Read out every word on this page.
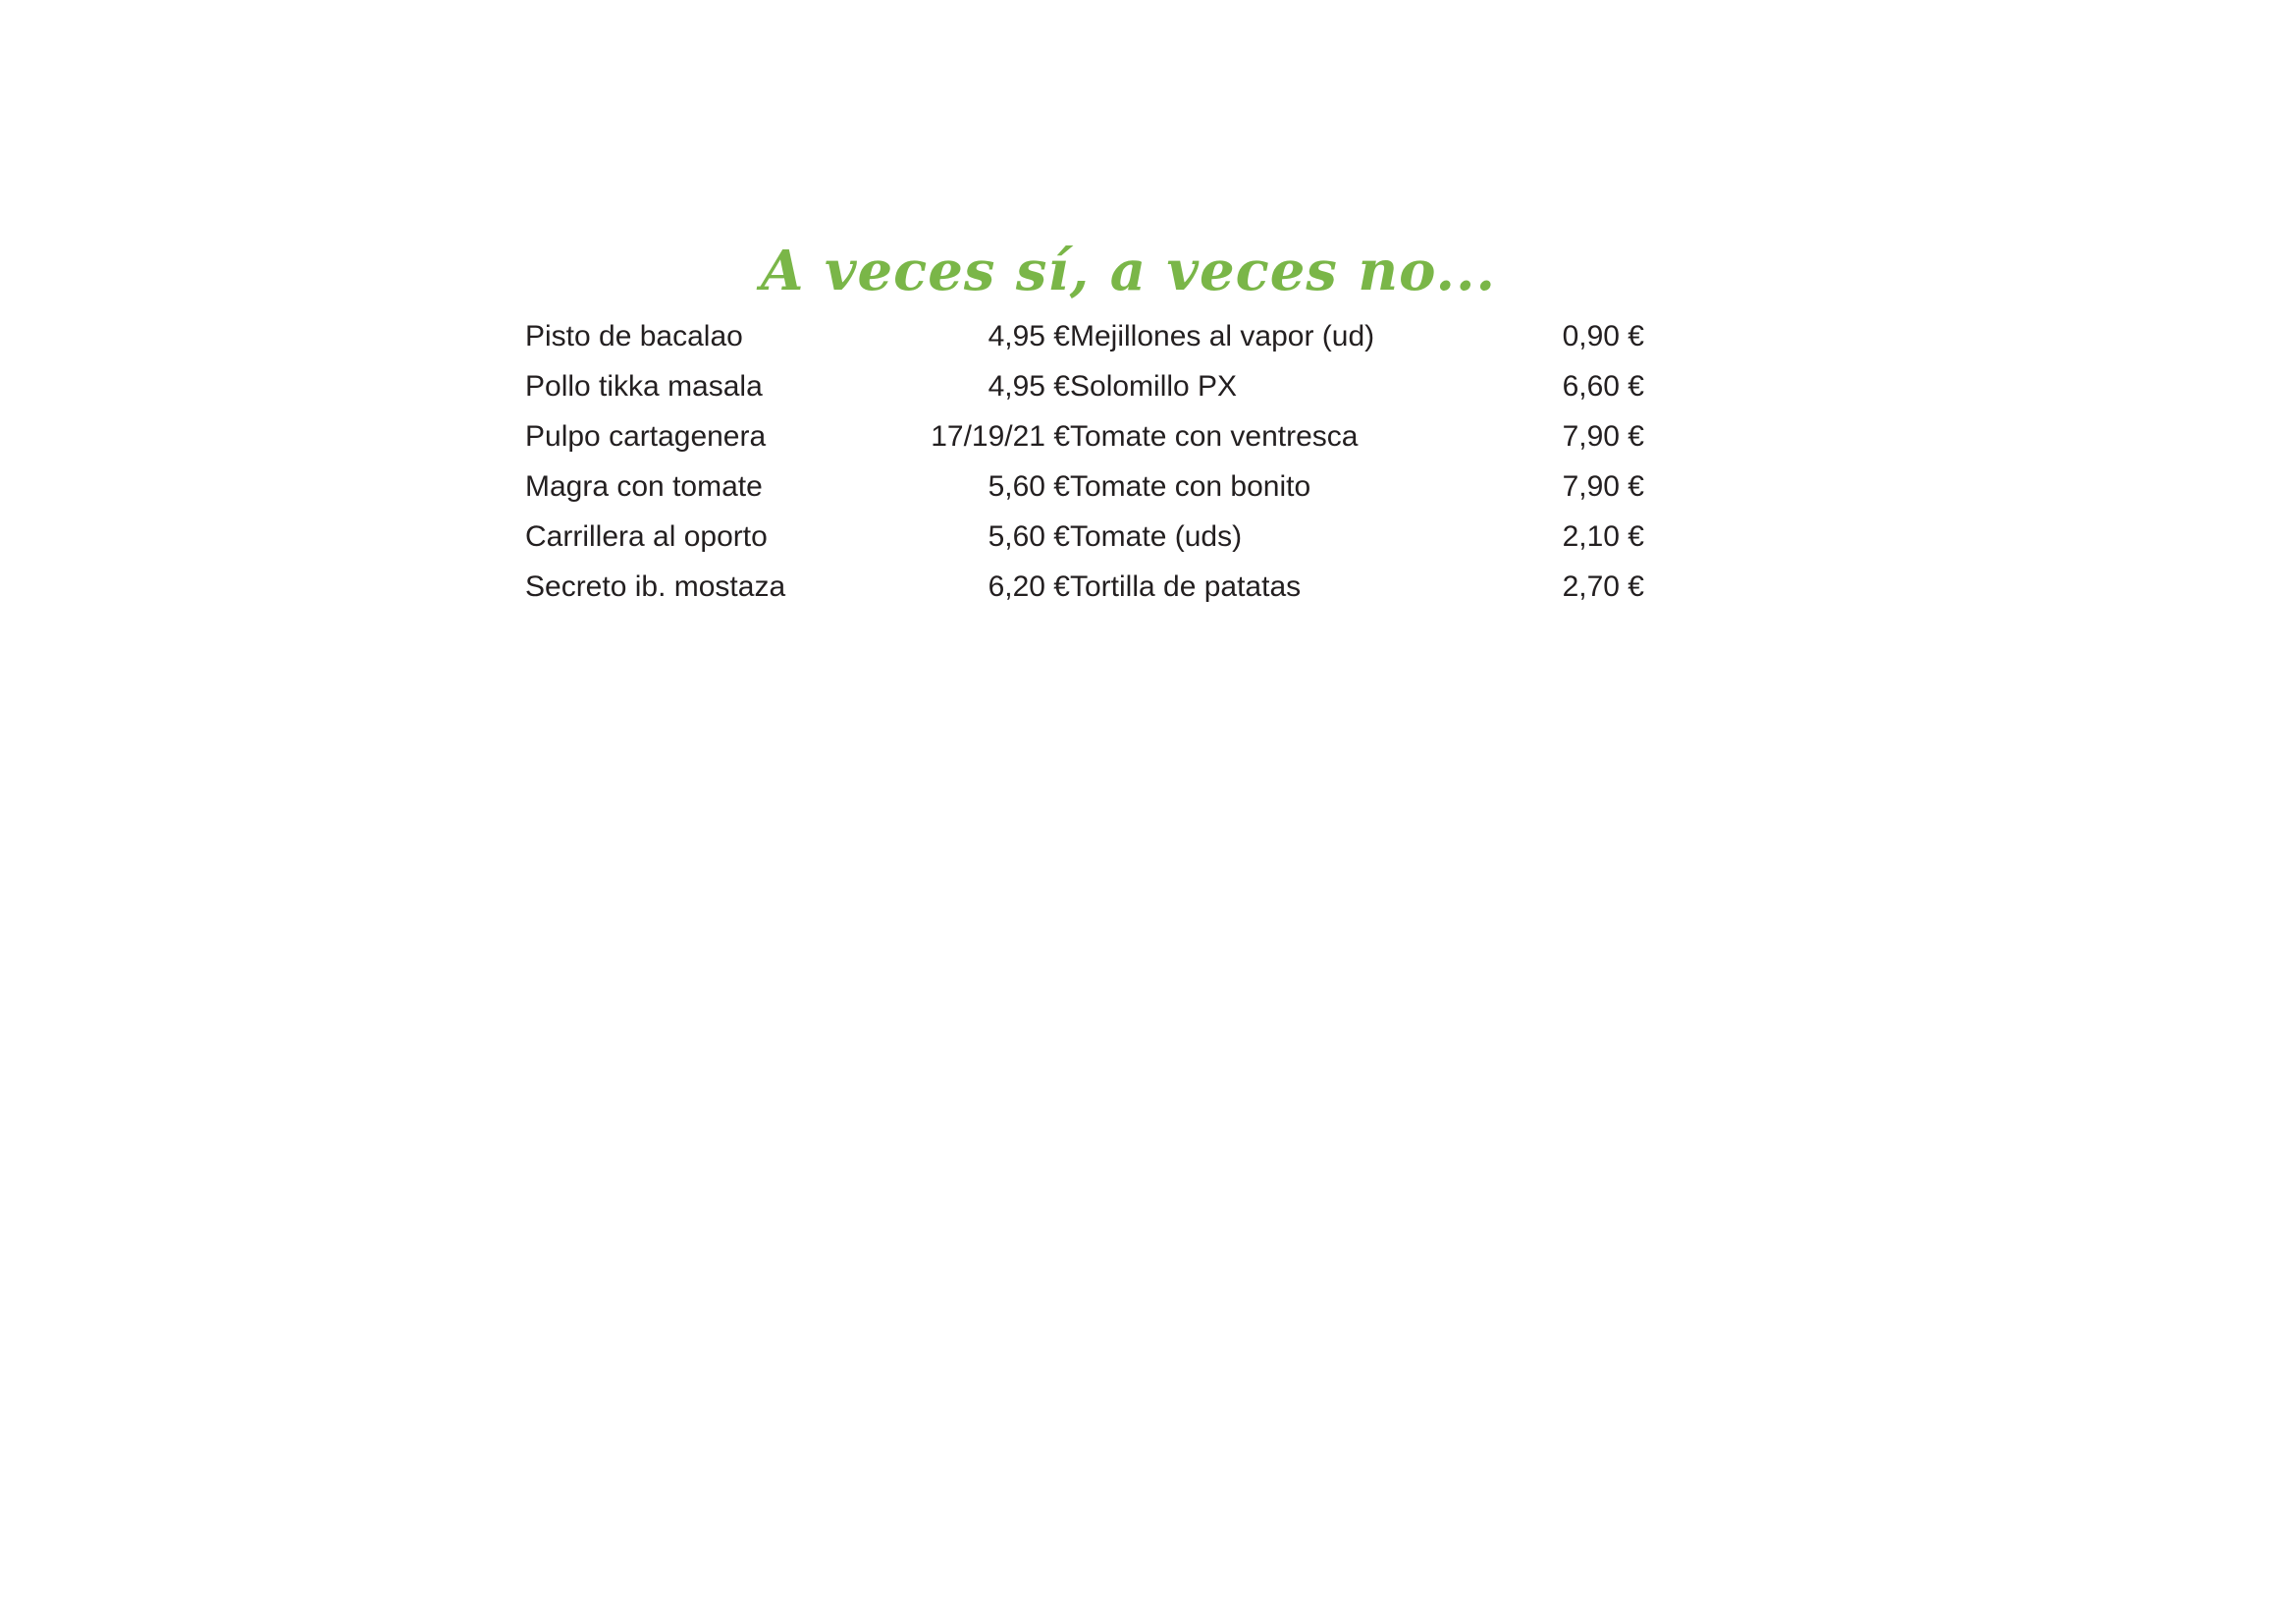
A veces sí, a veces no...
Pisto de bacalao	4,95 €	Mejillones al vapor (ud)	0,90 €
Pollo tikka masala	4,95 €	Solomillo PX	6,60 €
Pulpo cartagenera	17/19/21 €	Tomate con ventresca	7,90 €
Magra con tomate	5,60 €	Tomate con bonito	7,90 €
Carrillera al oporto	5,60 €	Tomate (uds)	2,10 €
Secreto ib. mostaza	6,20 €	Tortilla de patatas	2,70 €
